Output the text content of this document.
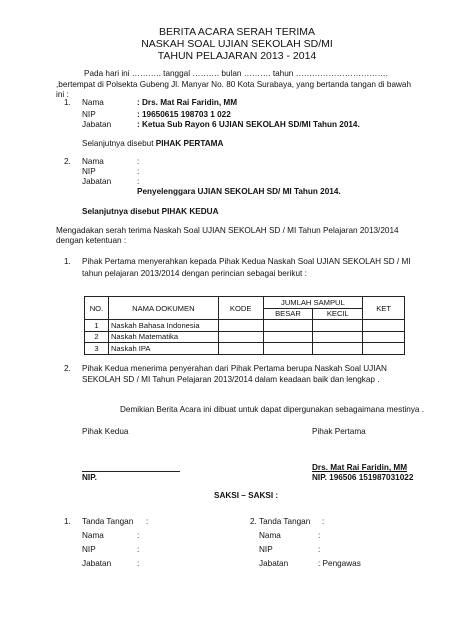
BERITA ACARA SERAH TERIMA
NASKAH SOAL UJIAN SEKOLAH SD/MI
TAHUN PELAJARAN 2013 - 2014
Pada hari ini ……….. tanggal ………. bulan ………. tahun …………………………….
,bertempat di Polsekta Gubeng Jl. Manyar No. 80 Kota Surabaya, yang bertanda tangan di bawah
ini :
1. Nama	: Drs. Mat Rai Faridin, MM
NIP	: 19650615 198703 1 022
Jabatan	: Ketua Sub Rayon 6 UJIAN SEKOLAH SD/MI Tahun 2014.
Selanjutnya disebut PIHAK PERTAMA
2. Nama	:
NIP	:
Jabatan	:
Penyelenggara UJIAN SEKOLAH SD/ MI Tahun 2014.
Selanjutnya disebut PIHAK KEDUA
Mengadakan serah terima Naskah Soal UJIAN SEKOLAH SD / MI Tahun Pelajaran 2013/2014
dengan ketentuan :
1. Pihak Pertama menyerahkan kepada Pihak Kedua Naskah Soal UJIAN SEKOLAH SD / MI
tahun pelajaran 2013/2014 dengan perincian sebagai berikut :
NO.	NAMA DOKUMEN	KODE	JUMLAH SAMPUL		KET
			BESAR	KECIL	
1	Naskah Bahasa Indonesia				
2	Naskah Matematika				
3	Naskah IPA				
2. Pihak Kedua menerima penyerahan dari Pihak Pertama berupa Naskah Soal UJIAN
SEKOLAH SD / MI Tahun Pelajaran 2013/2014 dalam keadaan baik dan lengkap .
Demikian Berita Acara ini dibuat untuk dapat dipergunakan sebagaimana mestinya .
Pihak Kedua	Pihak Pertama
NIP.
Drs. Mat Rai Faridin, MM
NIP. 196506 151987031022
SAKSI – SAKSI :
1. Tanda Tangan :
Nama	:
NIP	:
Jabatan	:
2. Tanda Tangan :
Nama	:
NIP	:
Jabatan	: Pengawas
